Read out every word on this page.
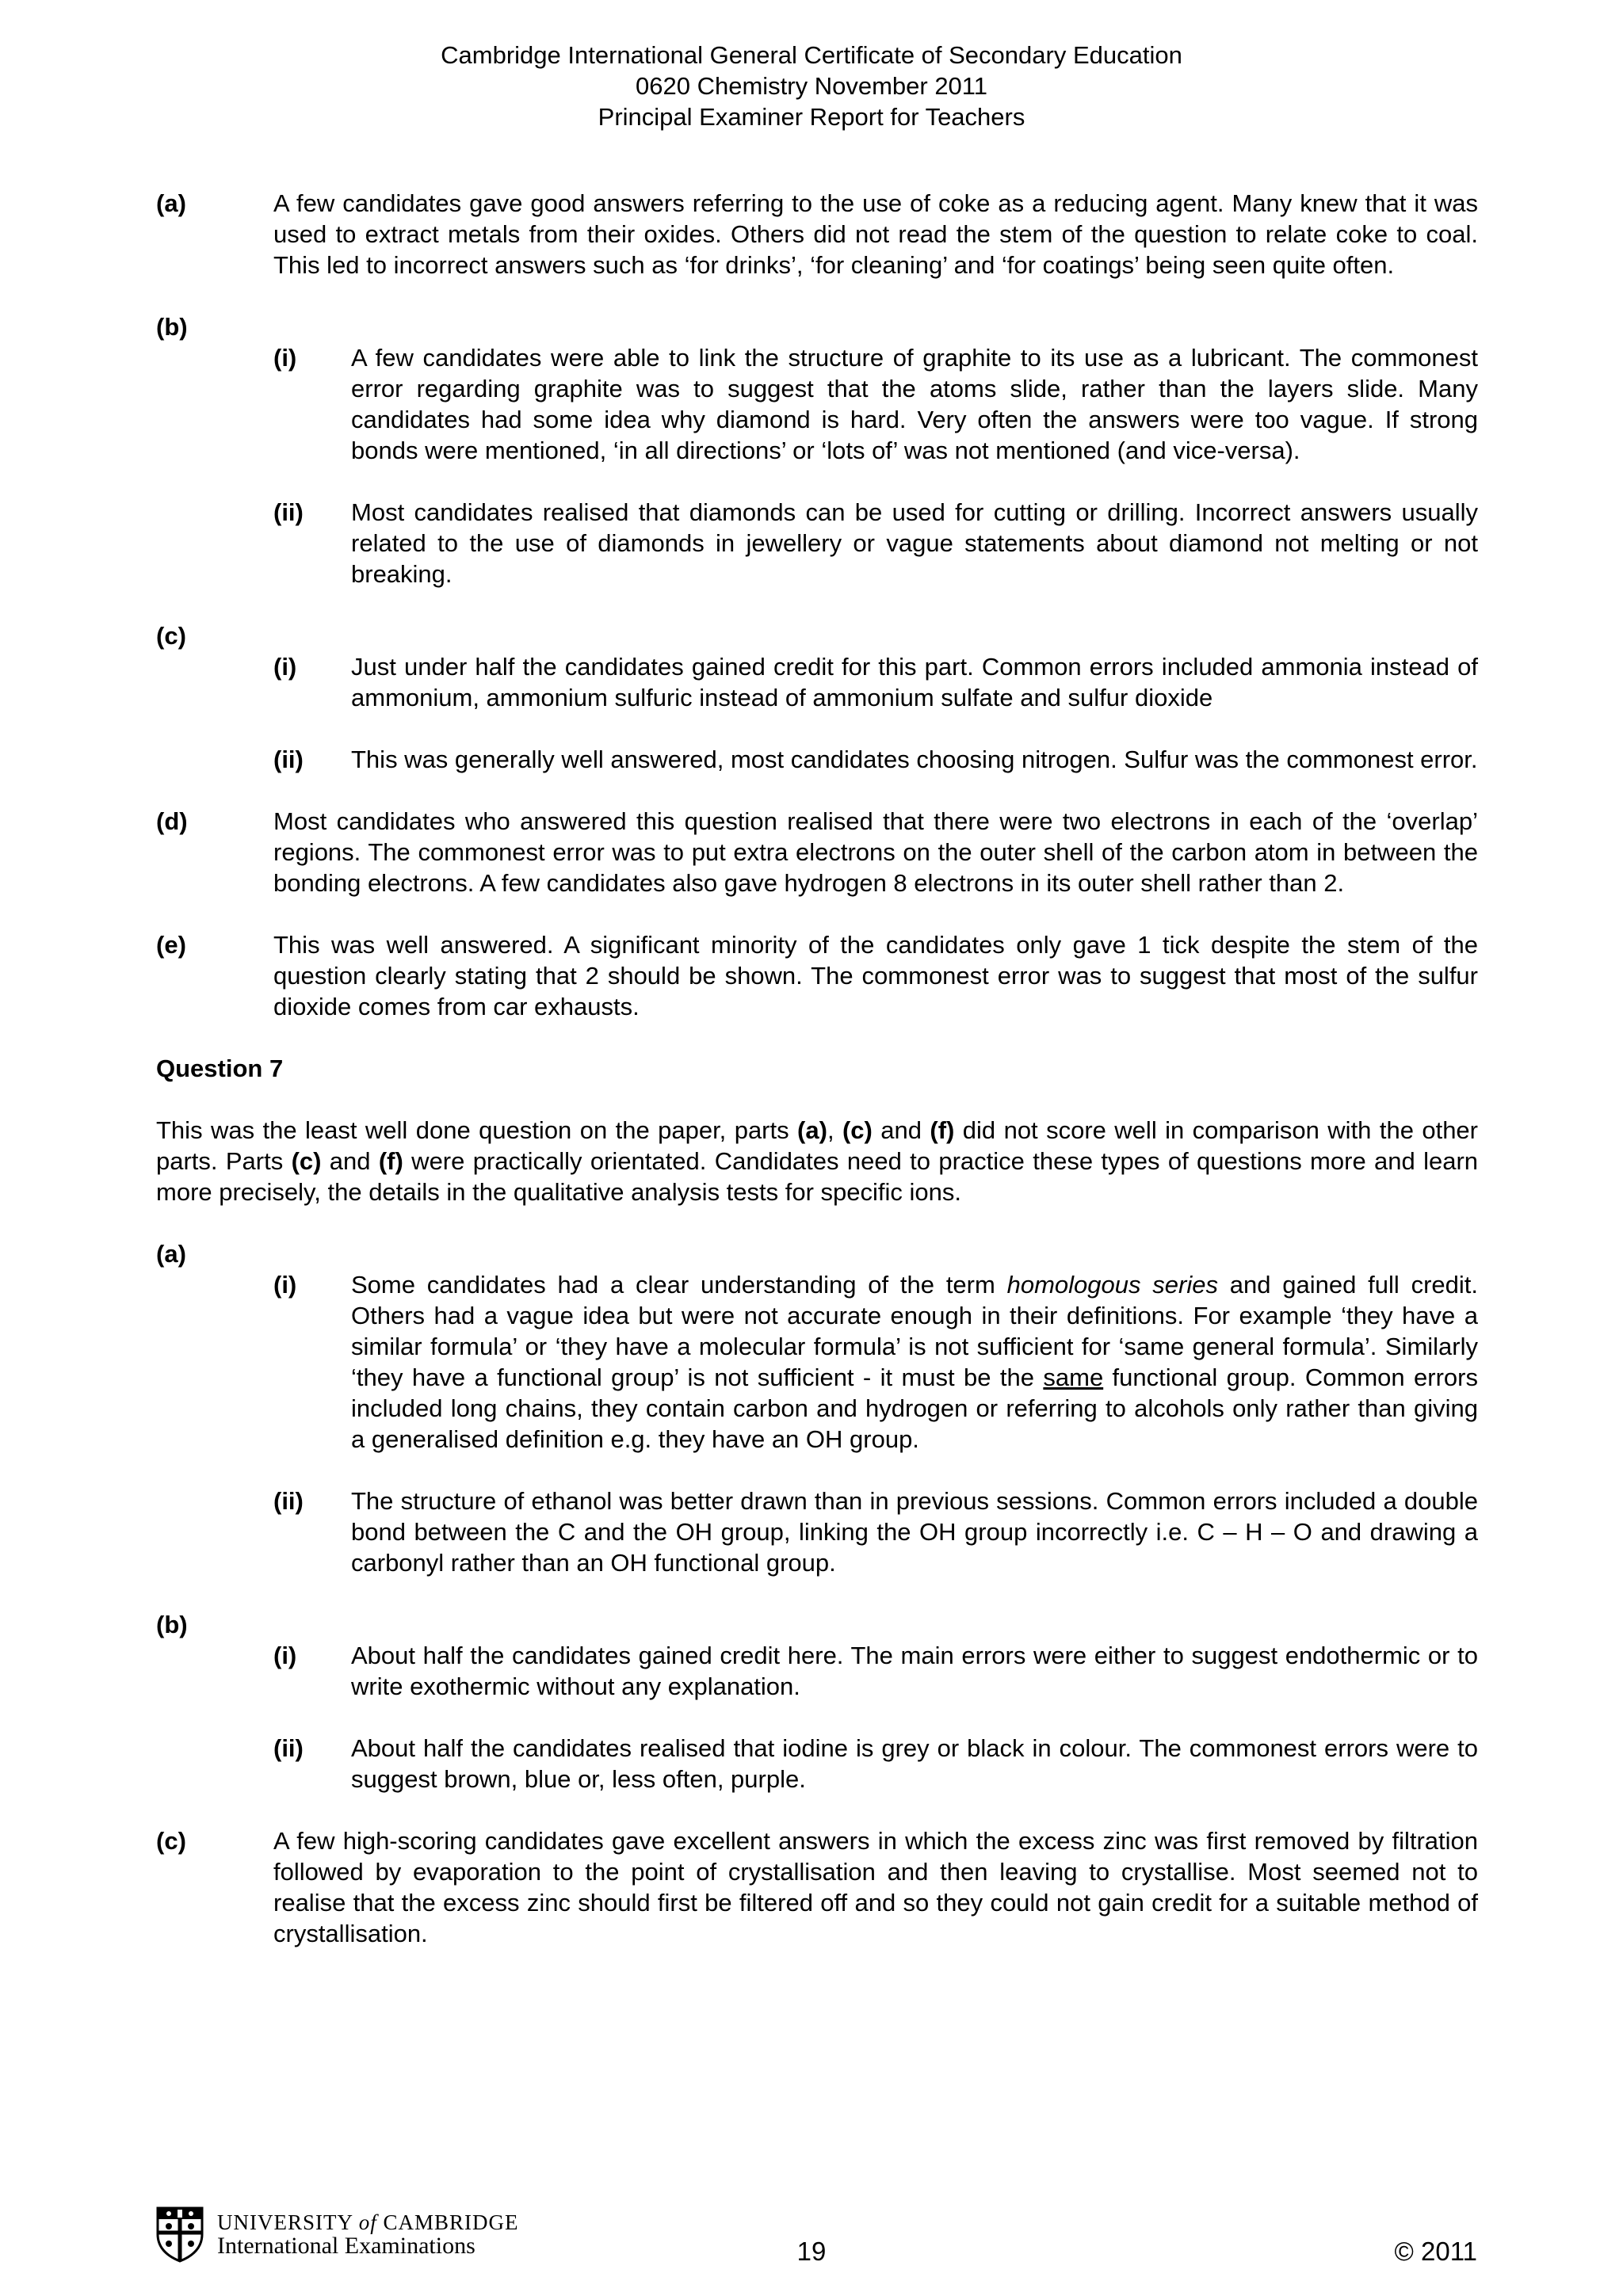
Cambridge International General Certificate of Secondary Education
0620 Chemistry November 2011
Principal Examiner Report for Teachers
(a)	A few candidates gave good answers referring to the use of coke as a reducing agent. Many knew that it was used to extract metals from their oxides. Others did not read the stem of the question to relate coke to coal. This led to incorrect answers such as ‘for drinks’, ‘for cleaning’ and ‘for coatings’ being seen quite often.
(b)
(i) A few candidates were able to link the structure of graphite to its use as a lubricant. The commonest error regarding graphite was to suggest that the atoms slide, rather than the layers slide. Many candidates had some idea why diamond is hard. Very often the answers were too vague. If strong bonds were mentioned, ‘in all directions’ or ‘lots of’ was not mentioned (and vice-versa).
(ii) Most candidates realised that diamonds can be used for cutting or drilling. Incorrect answers usually related to the use of diamonds in jewellery or vague statements about diamond not melting or not breaking.
(c)
(i) Just under half the candidates gained credit for this part. Common errors included ammonia instead of ammonium, ammonium sulfuric instead of ammonium sulfate and sulfur dioxide
(ii) This was generally well answered, most candidates choosing nitrogen. Sulfur was the commonest error.
(d)	Most candidates who answered this question realised that there were two electrons in each of the ‘overlap’ regions. The commonest error was to put extra electrons on the outer shell of the carbon atom in between the bonding electrons. A few candidates also gave hydrogen 8 electrons in its outer shell rather than 2.
(e)	This was well answered. A significant minority of the candidates only gave 1 tick despite the stem of the question clearly stating that 2 should be shown. The commonest error was to suggest that most of the sulfur dioxide comes from car exhausts.
Question 7
This was the least well done question on the paper, parts (a), (c) and (f) did not score well in comparison with the other parts. Parts (c) and (f) were practically orientated. Candidates need to practice these types of questions more and learn more precisely, the details in the qualitative analysis tests for specific ions.
(a)
(i) Some candidates had a clear understanding of the term homologous series and gained full credit. Others had a vague idea but were not accurate enough in their definitions. For example ‘they have a similar formula’ or ‘they have a molecular formula’ is not sufficient for ‘same general formula’. Similarly ‘they have a functional group’ is not sufficient - it must be the same functional group. Common errors included long chains, they contain carbon and hydrogen or referring to alcohols only rather than giving a generalised definition e.g. they have an OH group.
(ii) The structure of ethanol was better drawn than in previous sessions. Common errors included a double bond between the C and the OH group, linking the OH group incorrectly i.e. C – H – O and drawing a carbonyl rather than an OH functional group.
(b)
(i) About half the candidates gained credit here. The main errors were either to suggest endothermic or to write exothermic without any explanation.
(ii) About half the candidates realised that iodine is grey or black in colour. The commonest errors were to suggest brown, blue or, less often, purple.
(c)	A few high-scoring candidates gave excellent answers in which the excess zinc was first removed by filtration followed by evaporation to the point of crystallisation and then leaving to crystallise. Most seemed not to realise that the excess zinc should first be filtered off and so they could not gain credit for a suitable method of crystallisation.
UNIVERSITY of CAMBRIDGE
International Examinations	19	© 2011
